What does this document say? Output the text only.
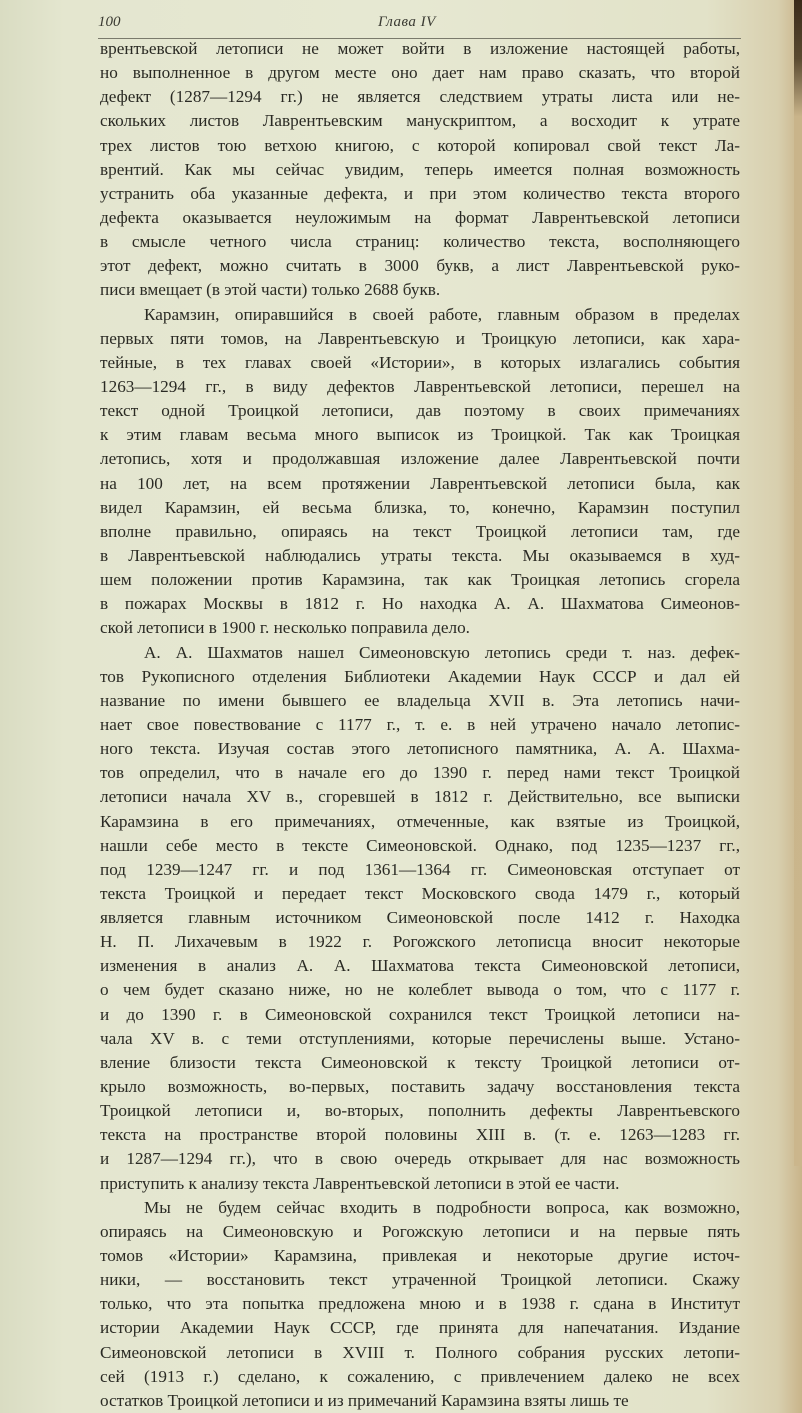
100	Глава IV
врентьевской летописи не может войти в изложение настоящей работы,
но выполненное в другом месте оно дает нам право сказать, что второй
дефект (1287—1294 гг.) не является следствием утраты листа или не-
скольких листов Лаврентьевским манускриптом, а восходит к утрате
трех листов тою ветхою книгою, с которой копировал свой текст Ла-
врентий. Как мы сейчас увидим, теперь имеется полная возможность
устранить оба указанные дефекта, и при этом количество текста второго
дефекта оказывается неуложимым на формат Лаврентьевской летописи
в смысле четного числа страниц: количество текста, восполняющего
этот дефект, можно считать в 3000 букв, а лист Лаврентьевской руко-
писи вмещает (в этой части) только 2688 букв.
Карамзин, опиравшийся в своей работе, главным образом в пределах
первых пяти томов, на Лаврентьевскую и Троицкую летописи, как хара-
тейные, в тех главах своей «Истории», в которых излагались события
1263—1294 гг., в виду дефектов Лаврентьевской летописи, перешел на
текст одной Троицкой летописи, дав поэтому в своих примечаниях
к этим главам весьма много выписок из Троицкой. Так как Троицкая
летопись, хотя и продолжавшая изложение далее Лаврентьевской почти
на 100 лет, на всем протяжении Лаврентьевской летописи была, как
видел Карамзин, ей весьма близка, то, конечно, Карамзин поступил
вполне правильно, опираясь на текст Троицкой летописи там, где
в Лаврентьевской наблюдались утраты текста. Мы оказываемся в худ-
шем положении против Карамзина, так как Троицкая летопись сгорела
в пожарах Москвы в 1812 г. Но находка А. А. Шахматова Симеонов-
ской летописи в 1900 г. несколько поправила дело.
А. А. Шахматов нашел Симеоновскую летопись среди т. наз. дефек-
тов Рукописного отделения Библиотеки Академии Наук СССР и дал ей
название по имени бывшего ее владельца XVII в. Эта летопись начи-
нает свое повествование с 1177 г., т. е. в ней утрачено начало летопис-
ного текста. Изучая состав этого летописного памятника, А. А. Шахма-
тов определил, что в начале его до 1390 г. перед нами текст Троицкой
летописи начала XV в., сгоревшей в 1812 г. Действительно, все выписки
Карамзина в его примечаниях, отмеченные, как взятые из Троицкой,
нашли себе место в тексте Симеоновской. Однако, под 1235—1237 гг.,
под 1239—1247 гг. и под 1361—1364 гг. Симеоновская отступает от
текста Троицкой и передает текст Московского свода 1479 г., который
является главным источником Симеоновской после 1412 г. Находка
Н. П. Лихачевым в 1922 г. Рогожского летописца вносит некоторые
изменения в анализ А. А. Шахматова текста Симеоновской летописи,
о чем будет сказано ниже, но не колеблет вывода о том, что с 1177 г.
и до 1390 г. в Симеоновской сохранился текст Троицкой летописи на-
чала XV в. с теми отступлениями, которые перечислены выше. Устано-
вление близости текста Симеоновской к тексту Троицкой летописи от-
крыло возможность, во-первых, поставить задачу восстановления текста
Троицкой летописи и, во-вторых, пополнить дефекты Лаврентьевского
текста на пространстве второй половины XIII в. (т. е. 1263—1283 гг.
и 1287—1294 гг.), что в свою очередь открывает для нас возможность
приступить к анализу текста Лаврентьевской летописи в этой ее части.
Мы не будем сейчас входить в подробности вопроса, как возможно,
опираясь на Симеоновскую и Рогожскую летописи и на первые пять
томов «Истории» Карамзина, привлекая и некоторые другие источ-
ники, — восстановить текст утраченной Троицкой летописи. Скажу
только, что эта попытка предложена мною и в 1938 г. сдана в Институт
истории Академии Наук СССР, где принята для напечатания. Издание
Симеоновской летописи в XVIII т. Полного собрания русских летопи-
сей (1913 г.) сделано, к сожалению, с привлечением далеко не всех
остатков Троицкой летописи и из примечаний Карамзина взяты лишь те
